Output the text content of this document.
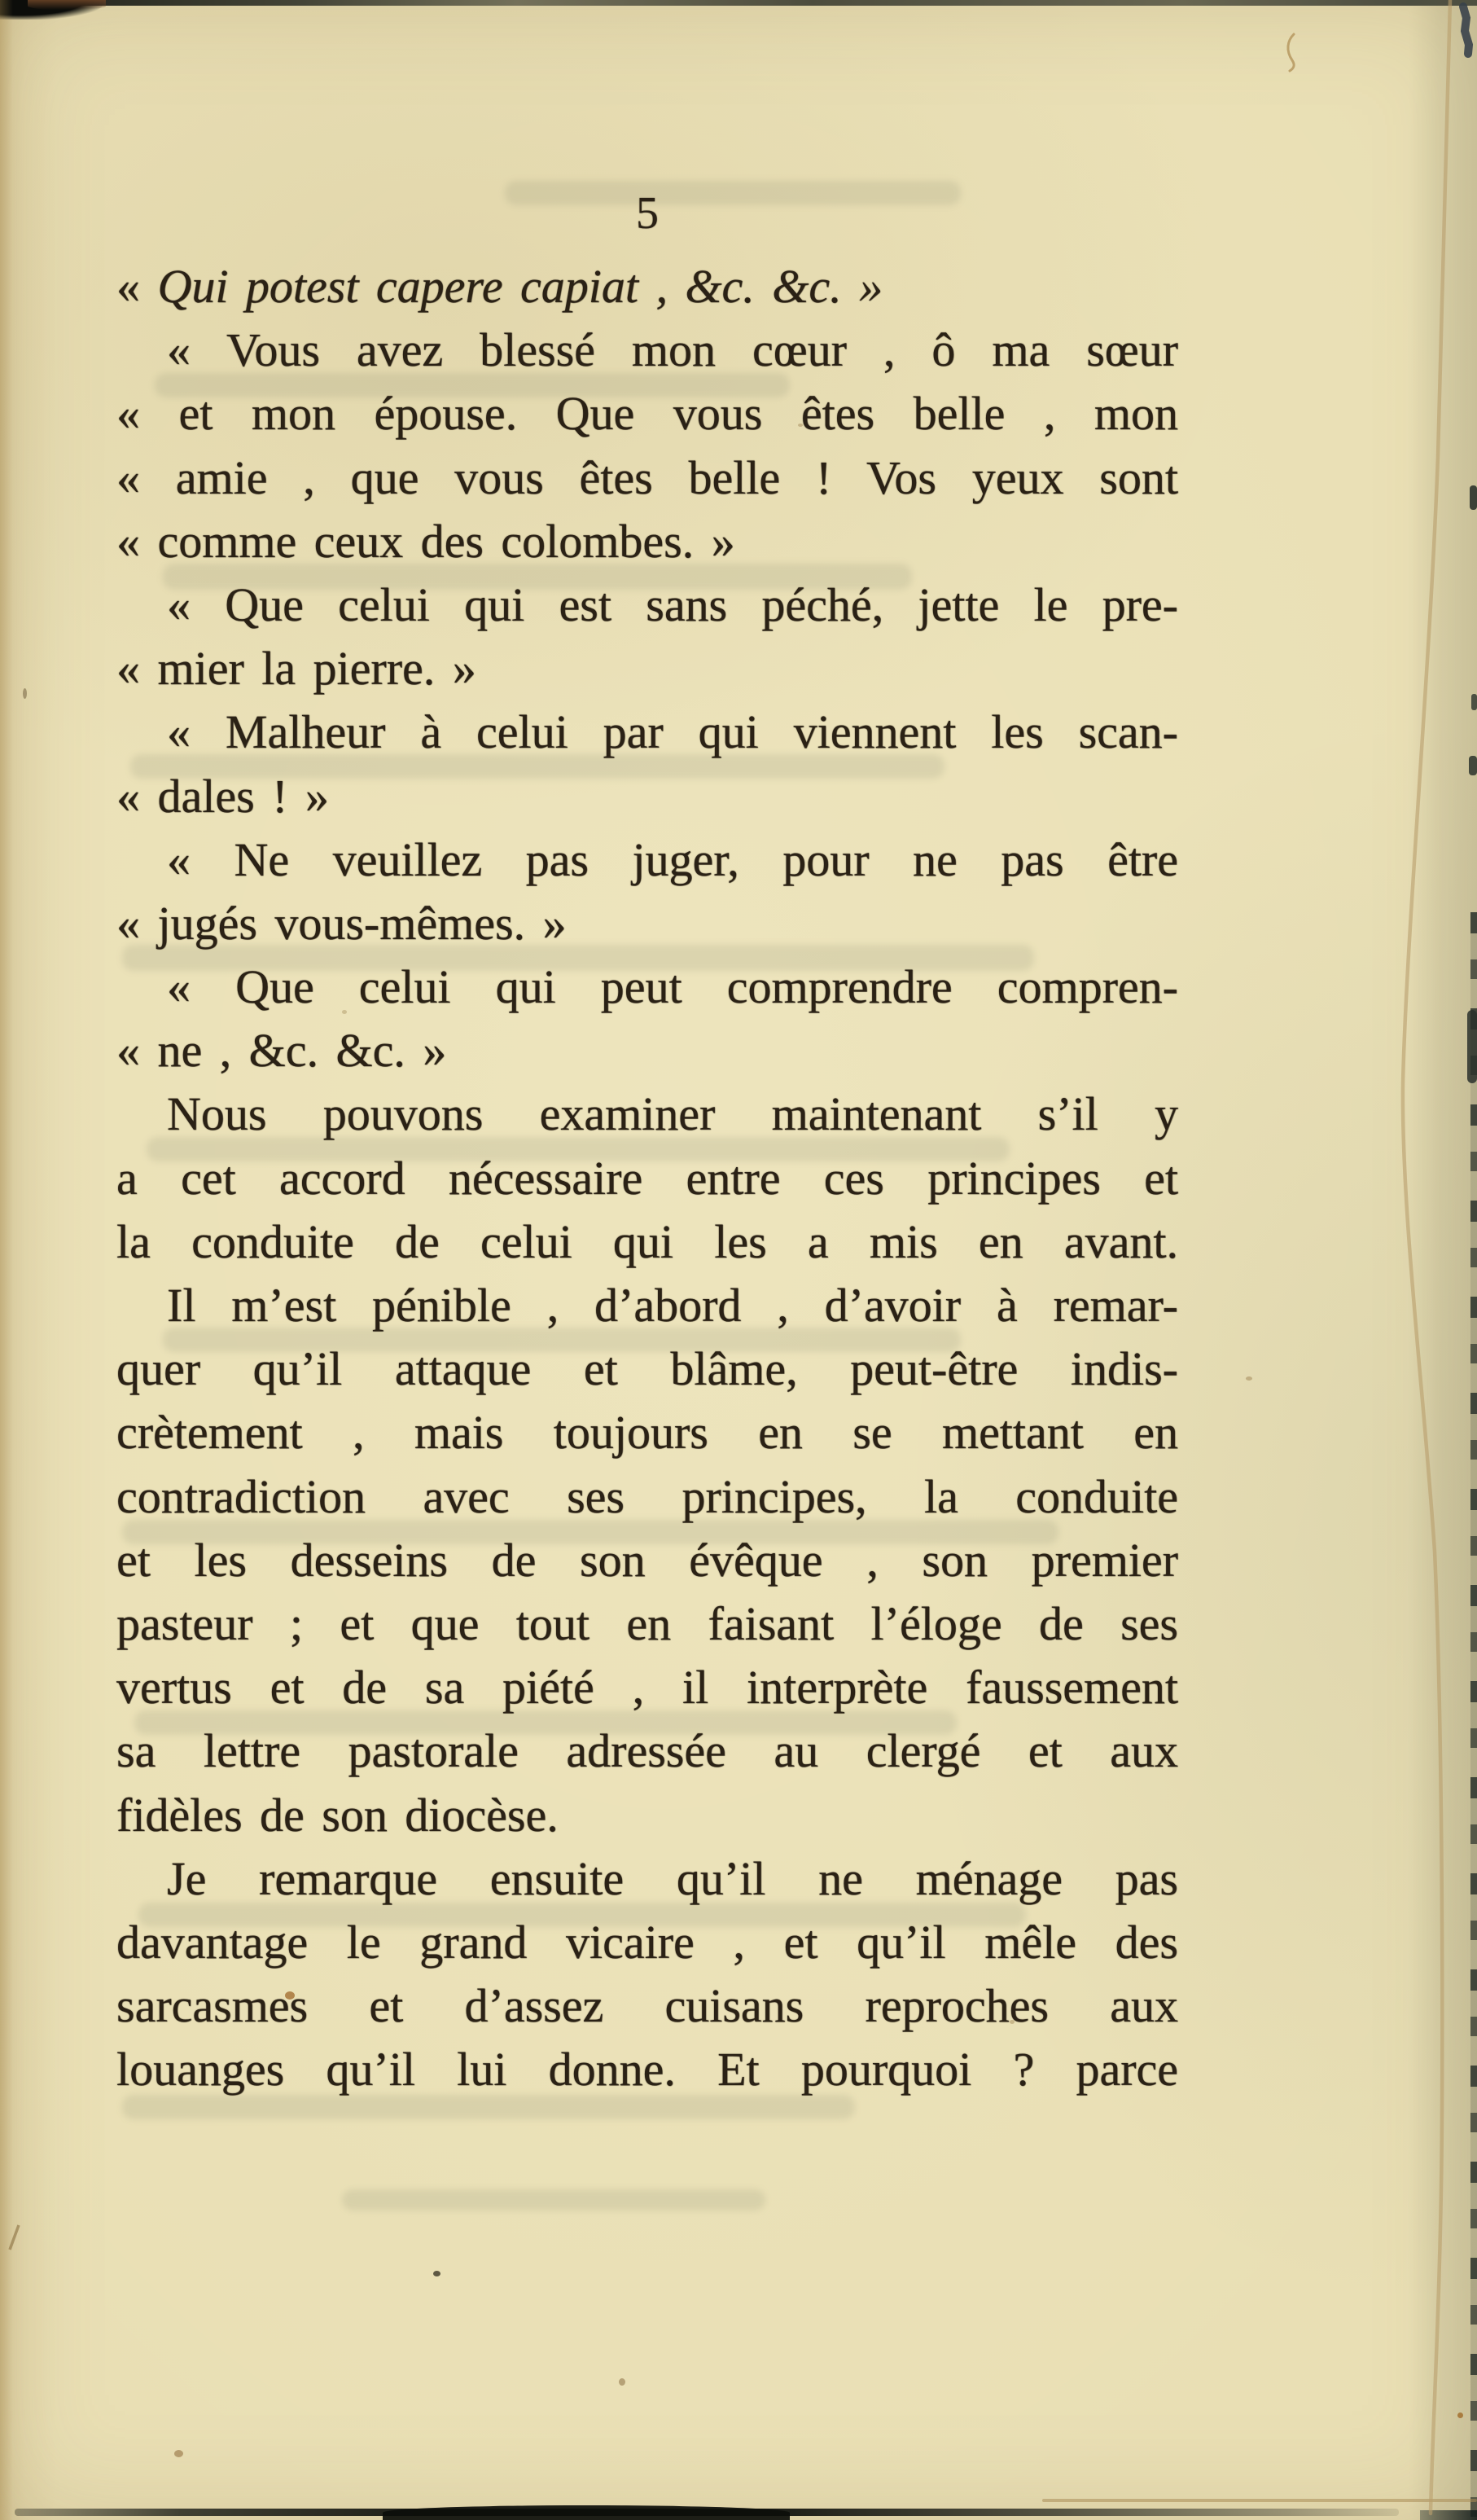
5
« Qui potest capere capiat , &c. &c. »
« Vous avez blessé mon cœur , ô ma sœur
« et mon épouse. Que vous êtes belle , mon
« amie , que vous êtes belle ! Vos yeux sont
« comme ceux des colombes. »
« Que celui qui est sans péché, jette le pre-
« mier la pierre. »
« Malheur à celui par qui viennent les scan-
« dales ! »
« Ne veuillez pas juger, pour ne pas être
« jugés vous-mêmes. »
« Que celui qui peut comprendre compren-
« ne , &c. &c. »
Nous pouvons examiner maintenant s’il y
a cet accord nécessaire entre ces principes et
la conduite de celui qui les a mis en avant.
Il m’est pénible , d’abord , d’avoir à remar-
quer qu’il attaque et blâme, peut-être indis-
crètement , mais toujours en se mettant en
contradiction avec ses principes, la conduite
et les desseins de son évêque , son premier
pasteur ; et que tout en faisant l’éloge de ses
vertus et de sa piété , il interprète faussement
sa lettre pastorale adressée au clergé et aux
fidèles de son diocèse.
Je remarque ensuite qu’il ne ménage pas
davantage le grand vicaire , et qu’il mêle des
sarcasmes et d’assez cuisans reproches aux
louanges qu’il lui donne. Et pourquoi ? parce
